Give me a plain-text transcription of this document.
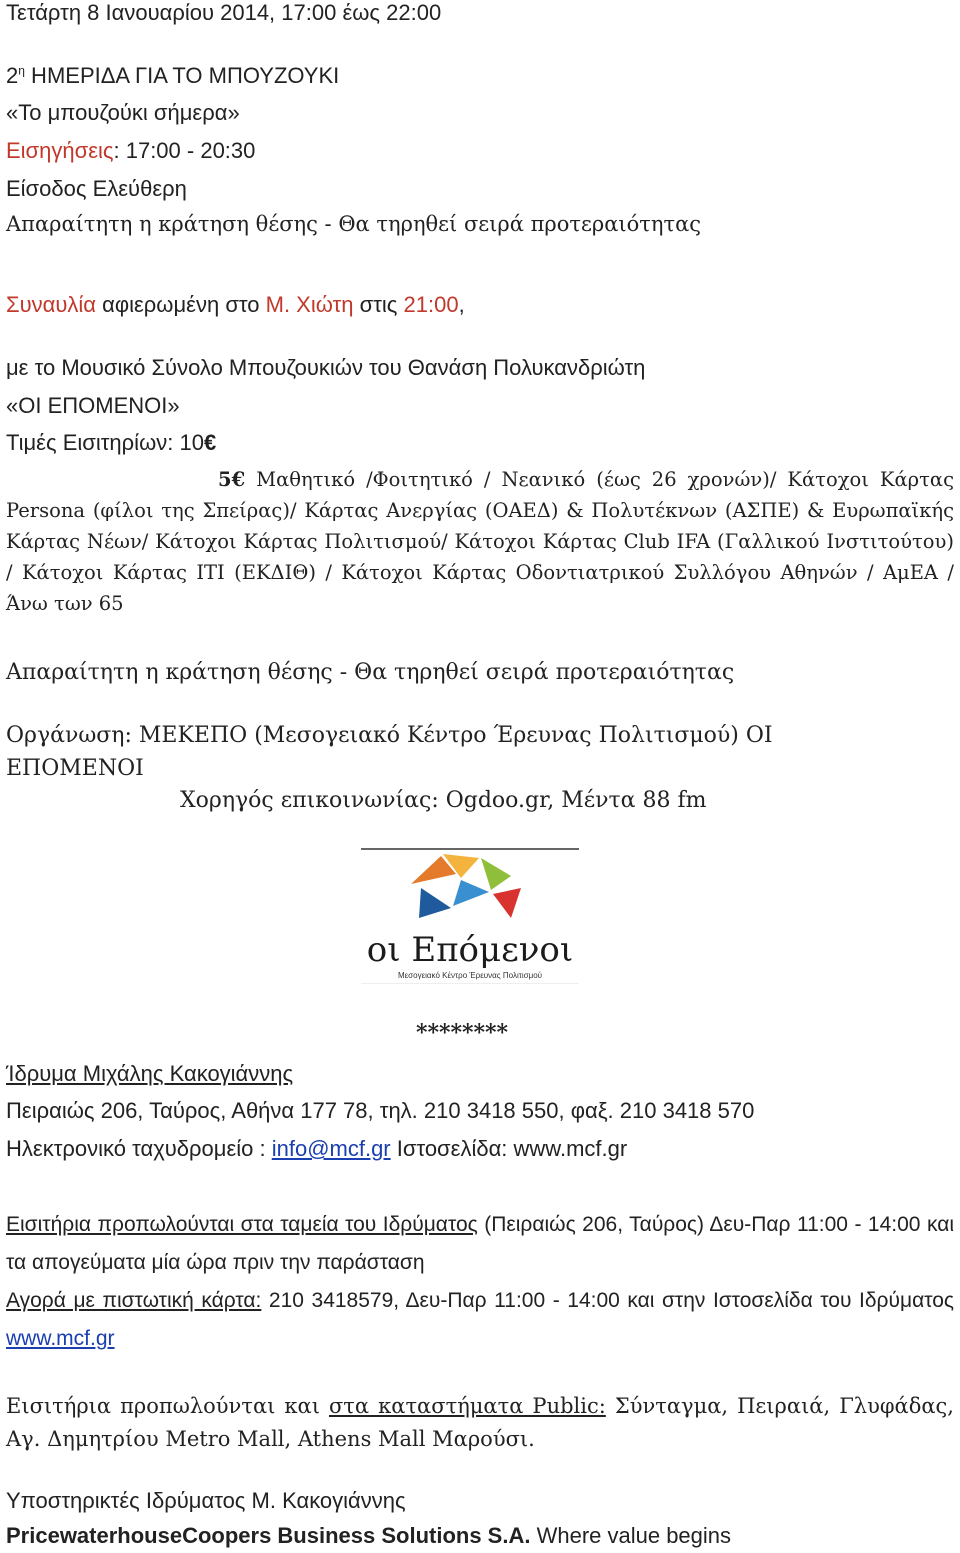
Τετάρτη 8 Ιανουαρίου 2014, 17:00 έως 22:00
$2^\eta$ ΗΜΕΡΙΔΑ ΓΙΑ ΤΟ ΜΠΟΥΖΟΥΚΙ
«Το μπουζούκι σήμερα»
Εισηγήσεις: 17:00 - 20:30
Είσοδος Ελεύθερη
Απαραίτητη η κράτηση θέσης - Θα τηρηθεί σειρά προτεραιότητας
Συναυλία αφιερωμένη στο Μ. Χιώτη στις 21:00,
με το Μουσικό Σύνολο Μπουζουκιών του Θανάση Πολυκανδριώτη
«ΟΙ ΕΠΟΜΕΝΟΙ»
Τιμές Εισιτηρίων: 10€
5€ Μαθητικό /Φοιτητικό / Νεανικό (έως 26 χρονών)/ Κάτοχοι Κάρτας Persona (φίλοι της Σπείρας)/ Κάρτας Ανεργίας (ΟΑΕΔ) & Πολυτέκνων (ΑΣΠΕ) & Ευρωπαϊκής Κάρτας Νέων/ Κάτοχοι Κάρτας Πολιτισμού/ Κάτοχοι Κάρτας Club IFA (Γαλλικού Ινστιτούτου) / Κάτοχοι Κάρτας ΙΤΙ (ΕΚΔΙΘ) / Κάτοχοι Κάρτας Οδοντιατρικού Συλλόγου Αθηνών / ΑμΕΑ / Άνω των 65
Απαραίτητη η κράτηση θέσης - Θα τηρηθεί σειρά προτεραιότητας
Οργάνωση: ΜΕΚΕΠΟ (Μεσογειακό Κέντρο Έρευνας Πολιτισμού) ΟΙ
ΕΠΟΜΕΝΟΙ
Χορηγός επικοινωνίας: Ogdoo.gr, Μέντα 88 fm
οι Επόμενοι
Μεσογειακό Κέντρο Έρευνας Πολιτισμού
********
Ίδρυμα Μιχάλης Κακογιάννης
Πειραιώς 206, Ταύρος, Αθήνα 177 78, τηλ. 210 3418 550, φαξ. 210 3418 570
Ηλεκτρονικό ταχυδρομείο : info@mcf.gr Ιστοσελίδα: www.mcf.gr
Εισιτήρια προπωλούνται στα ταμεία του Ιδρύματος (Πειραιώς 206, Ταύρος) Δευ-Παρ 11:00 - 14:00 και τα απογεύματα μία ώρα πριν την παράσταση
Αγορά με πιστωτική κάρτα: 210 3418579, Δευ-Παρ 11:00 - 14:00 και στην Ιστοσελίδα του Ιδρύματος www.mcf.gr
Εισιτήρια προπωλούνται και στα καταστήματα Public: Σύνταγμα, Πειραιά, Γλυφάδας, Αγ. Δημητρίου Metro Mall, Athens Mall Μαρούσι.
Υποστηρικτές Ιδρύματος Μ. Κακογιάννης
PricewaterhouseCoopers Business Solutions S.A. Where value begins
